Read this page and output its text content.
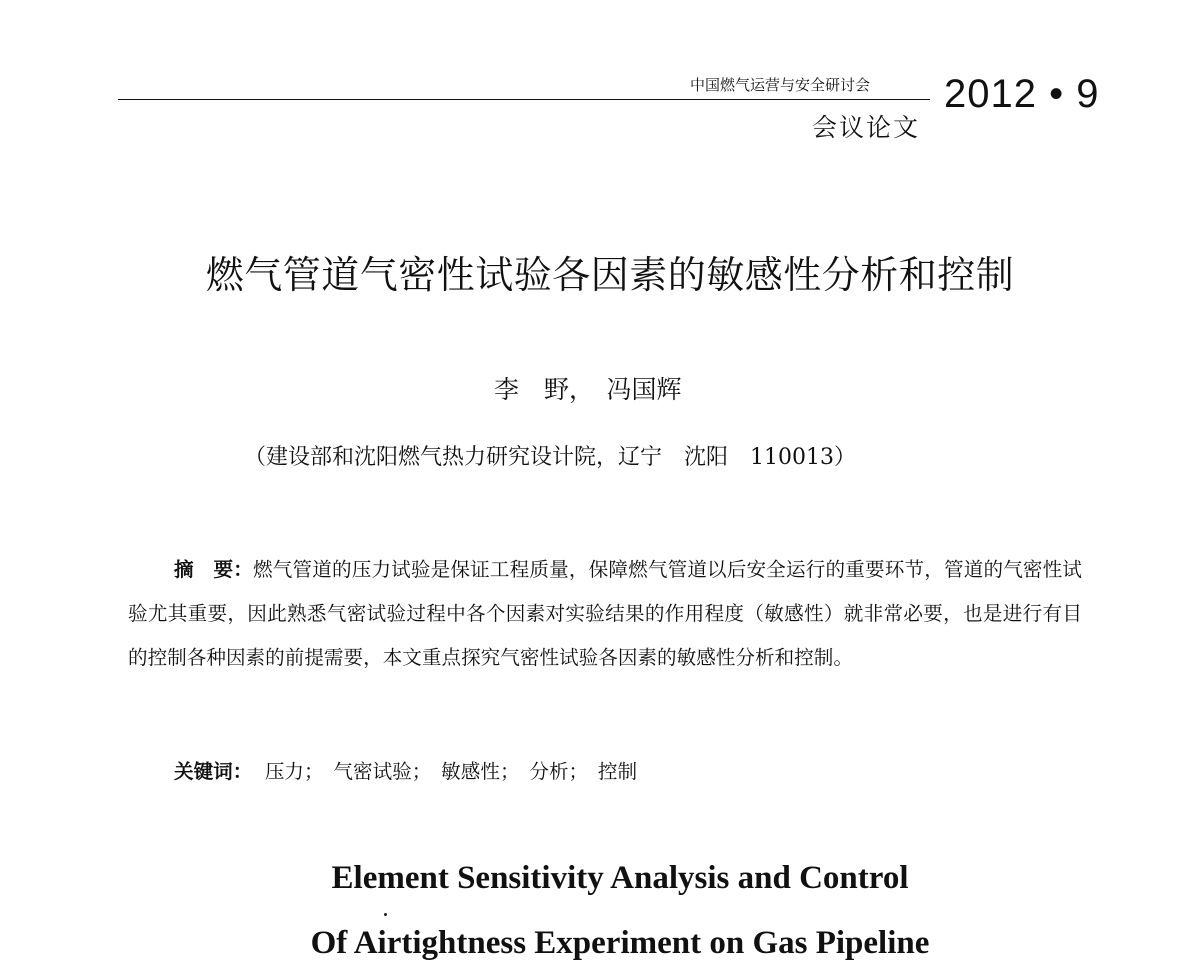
中国燃气运营与安全研讨会
会议论文
2012 • 9
燃气管道气密性试验各因素的敏感性分析和控制
李　野，　冯国辉
（建设部和沈阳燃气热力研究设计院，辽宁　沈阳　110013）
摘　要：燃气管道的压力试验是保证工程质量，保障燃气管道以后安全运行的重要环节，管道的气密性试验尤其重要，因此熟悉气密试验过程中各个因素对实验结果的作用程度（敏感性）就非常必要，也是进行有目的控制各种因素的前提需要，本文重点探究气密性试验各因素的敏感性分析和控制。
关键词： 压力；　气密试验；　敏感性；　分析；　控制
Element Sensitivity Analysis and Control
Of Airtightness Experiment on Gas Pipeline
